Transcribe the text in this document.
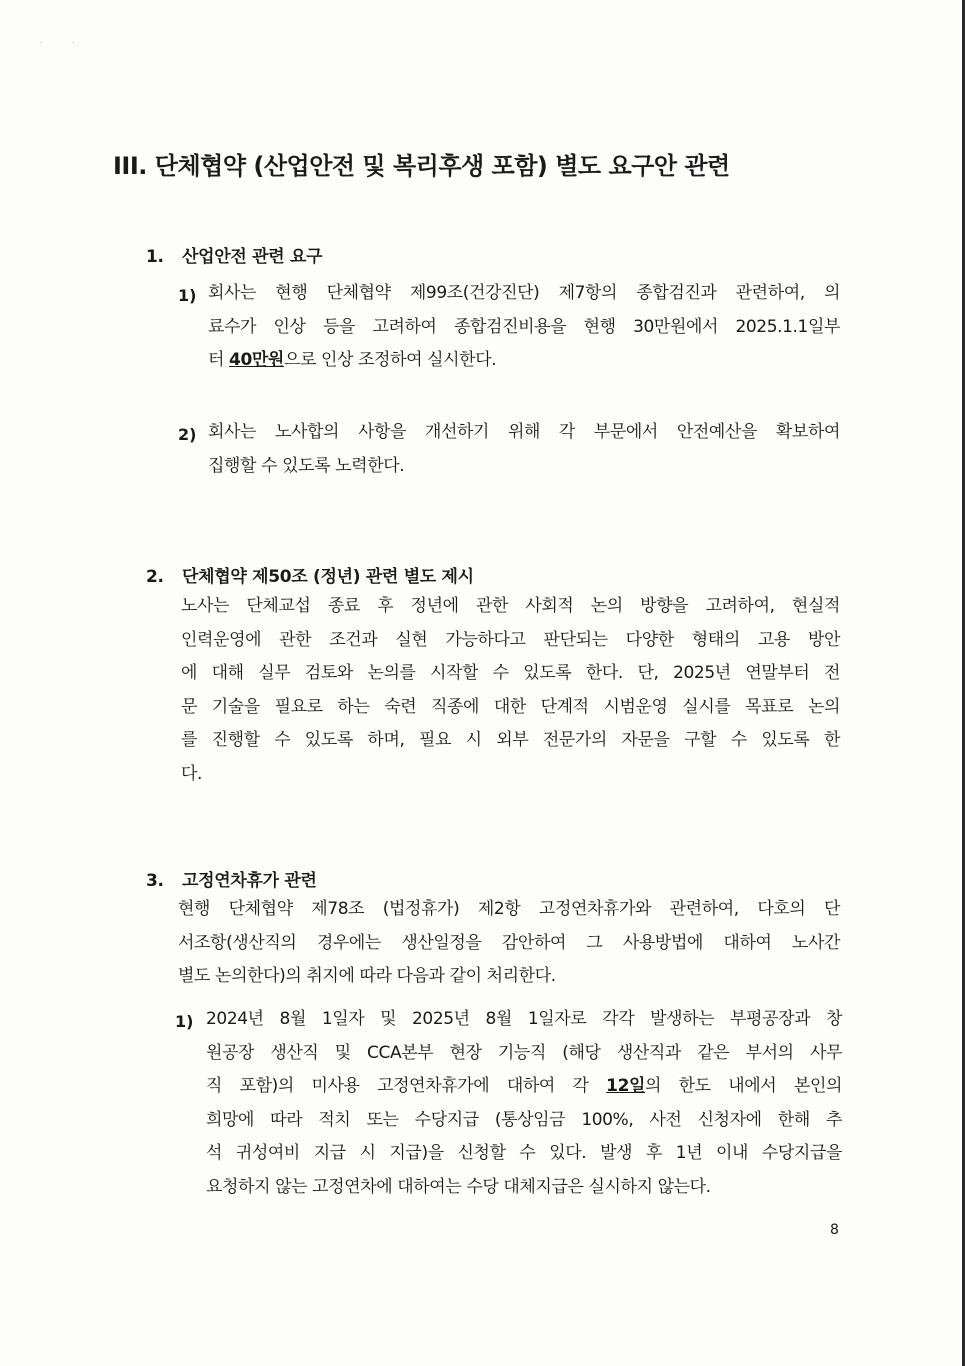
·                ·
III. 단체협약 (산업안전 및 복리후생 포함) 별도 요구안 관련
1. 산업안전 관련 요구
1) 회사는 현행 단체협약 제99조(건강진단) 제7항의 종합검진과 관련하여, 의
료수가 인상 등을 고려하여 종합검진비용을 현행 30만원에서 2025.1.1일부
터 40만원으로 인상 조정하여 실시한다.
2) 회사는 노사합의 사항을 개선하기 위해 각 부문에서 안전예산을 확보하여
집행할 수 있도록 노력한다.
2. 단체협약 제50조 (정년) 관련 별도 제시
노사는 단체교섭 종료 후 정년에 관한 사회적 논의 방향을 고려하여, 현실적
인력운영에 관한 조건과 실현 가능하다고 판단되는 다양한 형태의 고용 방안
에 대해 실무 검토와 논의를 시작할 수 있도록 한다. 단, 2025년 연말부터 전
문 기술을 필요로 하는 숙련 직종에 대한 단계적 시범운영 실시를 목표로 논의
를 진행할 수 있도록 하며, 필요 시 외부 전문가의 자문을 구할 수 있도록 한
다.
3. 고정연차휴가 관련
현행 단체협약 제78조 (법정휴가) 제2항 고정연차휴가와 관련하여, 다호의 단
서조항(생산직의 경우에는 생산일정을 감안하여 그 사용방법에 대하여 노사간
별도 논의한다)의 취지에 따라 다음과 같이 처리한다.
1) 2024년 8월 1일자 및 2025년 8월 1일자로 각각 발생하는 부평공장과 창
원공장 생산직 및 CCA본부 현장 기능직 (해당 생산직과 같은 부서의 사무
직 포함)의 미사용 고정연차휴가에 대하여 각 12일의 한도 내에서 본인의
희망에 따라 적치 또는 수당지급 (통상임금 100%, 사전 신청자에 한해 추
석 귀성여비 지급 시 지급)을 신청할 수 있다. 발생 후 1년 이내 수당지급을
요청하지 않는 고정연차에 대하여는 수당 대체지급은 실시하지 않는다.
8
